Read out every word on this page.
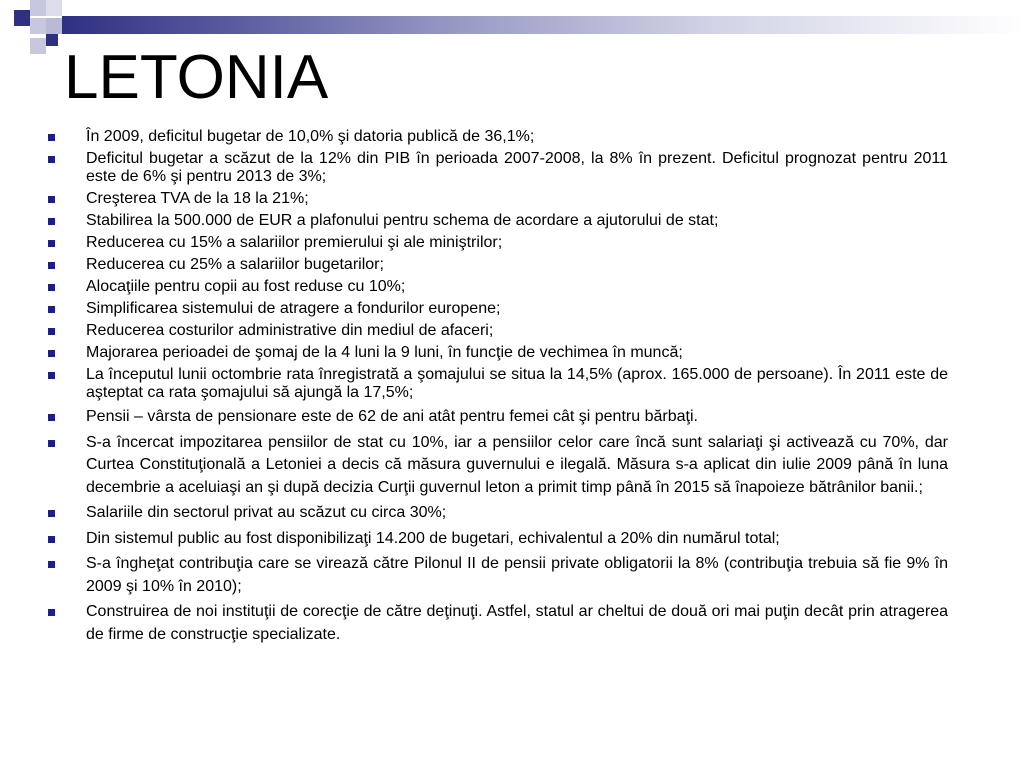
LETONIA
În 2009, deficitul bugetar de 10,0% şi datoria publică de 36,1%;
Deficitul bugetar a scăzut de la 12% din PIB în perioada 2007-2008, la 8% în prezent. Deficitul prognozat pentru 2011 este de 6% şi pentru 2013 de 3%;
Creşterea TVA de la 18 la 21%;
Stabilirea la 500.000 de EUR a plafonului pentru schema de acordare a ajutorului de stat;
Reducerea cu 15% a salariilor premierului şi ale miniştrilor;
Reducerea cu 25% a salariilor bugetarilor;
Alocaţiile pentru copii au fost reduse cu 10%;
Simplificarea sistemului de atragere a fondurilor europene;
Reducerea costurilor administrative din mediul de afaceri;
Majorarea perioadei de şomaj de la 4 luni la 9 luni, în funcţie de vechimea în muncă;
La începutul lunii octombrie rata înregistrată a şomajului se situa la 14,5% (aprox. 165.000 de persoane). În 2011 este de aşteptat ca rata şomajului să ajungă la 17,5%;
Pensii – vârsta de pensionare este de 62 de ani atât pentru femei cât şi pentru bărbaţi.
S-a încercat impozitarea pensiilor de stat cu 10%, iar a pensiilor celor care încă sunt salariaţi şi activează cu 70%, dar Curtea Constituţională a Letoniei a decis că măsura guvernului e ilegală. Măsura s-a aplicat din iulie 2009 până în luna decembrie a aceluiaşi an şi după decizia Curţii guvernul leton a primit timp până în 2015 să înapoieze bătrânilor banii.;
Salariile din sectorul privat au scăzut cu circa 30%;
Din sistemul public au fost disponibilizaţi 14.200 de bugetari, echivalentul a 20% din numărul total;
S-a îngheţat contribuţia care se virează către Pilonul II de pensii private obligatorii la 8% (contribuţia trebuia să fie 9% în 2009 şi 10% în 2010);
Construirea de noi instituţii de corecţie de către deţinuţi. Astfel, statul ar cheltui de două ori mai puţin decât prin atragerea de firme de construcţie specializate.
